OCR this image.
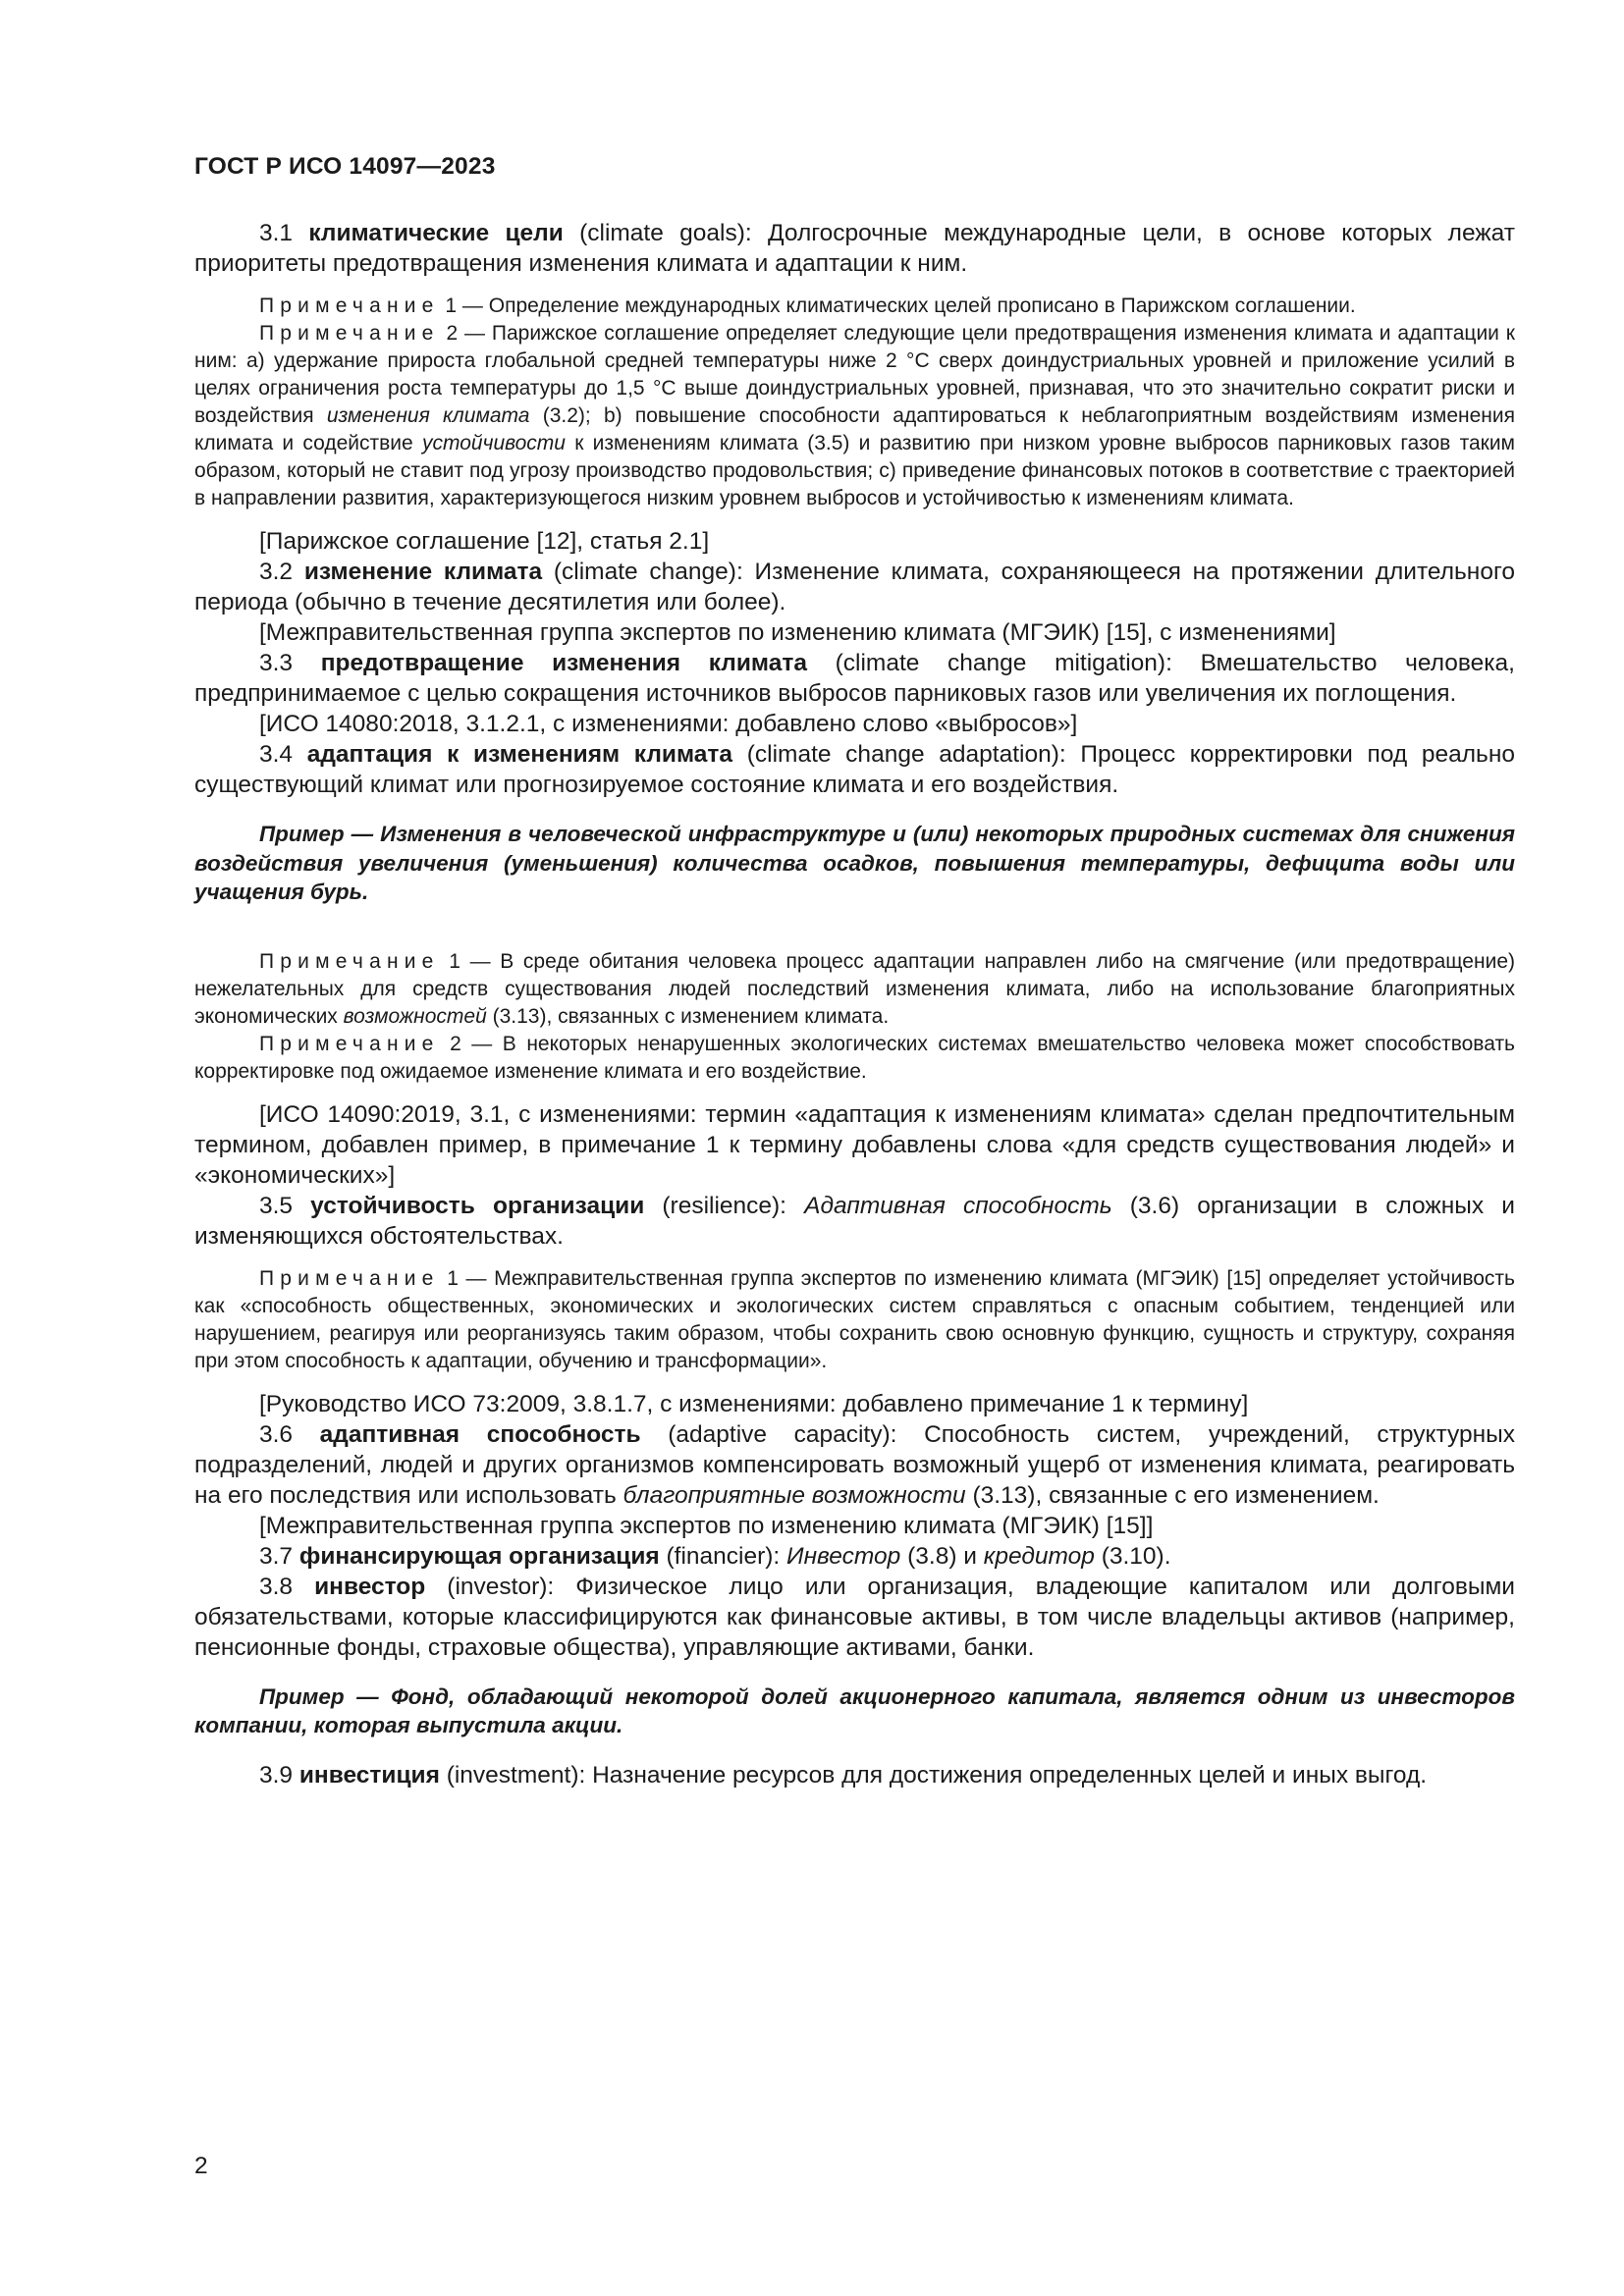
ГОСТ Р ИСО 14097—2023

3.1 климатические цели (climate goals): Долгосрочные международные цели, в основе которых лежат приоритеты предотвращения изменения климата и адаптации к ним.

Примечание 1 — Определение международных климатических целей прописано в Парижском соглашении.

Примечание 2 — Парижское соглашение определяет следующие цели предотвращения изменения климата и адаптации к ним: a) удержание прироста глобальной средней температуры ниже 2 °С сверх доиндустриальных уровней и приложение усилий в целях ограничения роста температуры до 1,5 °С выше доиндустриальных уровней, признавая, что это значительно сократит риски и воздействия изменения климата (3.2); b) повышение способности адаптироваться к неблагоприятным воздействиям изменения климата и содействие устойчивости к изменениям климата (3.5) и развитию при низком уровне выбросов парниковых газов таким образом, который не ставит под угрозу производство продовольствия; c) приведение финансовых потоков в соответствие с траекторией в направлении развития, характеризующегося низким уровнем выбросов и устойчивостью к изменениям климата.

[Парижское соглашение [12], статья 2.1]

3.2 изменение климата (climate change): Изменение климата, сохраняющееся на протяжении длительного периода (обычно в течение десятилетия или более).

[Межправительственная группа экспертов по изменению климата (МГЭИК) [15], с изменениями]

3.3 предотвращение изменения климата (climate change mitigation): Вмешательство человека, предпринимаемое с целью сокращения источников выбросов парниковых газов или увеличения их поглощения.

[ИСО 14080:2018, 3.1.2.1, с изменениями: добавлено слово «выбросов»]

3.4 адаптация к изменениям климата (climate change adaptation): Процесс корректировки под реально существующий климат или прогнозируемое состояние климата и его воздействия.

Пример — Изменения в человеческой инфраструктуре и (или) некоторых природных системах для снижения воздействия увеличения (уменьшения) количества осадков, повышения температуры, дефицита воды или учащения бурь.

Примечание 1 — В среде обитания человека процесс адаптации направлен либо на смягчение (или предотвращение) нежелательных для средств существования людей последствий изменения климата, либо на использование благоприятных экономических возможностей (3.13), связанных с изменением климата.

Примечание 2 — В некоторых ненарушенных экологических системах вмешательство человека может способствовать корректировке под ожидаемое изменение климата и его воздействие.

[ИСО 14090:2019, 3.1, с изменениями: термин «адаптация к изменениям климата» сделан предпочтительным термином, добавлен пример, в примечание 1 к термину добавлены слова «для средств существования людей» и «экономических»]

3.5 устойчивость организации (resilience): Адаптивная способность (3.6) организации в сложных и изменяющихся обстоятельствах.

Примечание 1 — Межправительственная группа экспертов по изменению климата (МГЭИК) [15] определяет устойчивость как «способность общественных, экономических и экологических систем справляться с опасным событием, тенденцией или нарушением, реагируя или реорганизуясь таким образом, чтобы сохранить свою основную функцию, сущность и структуру, сохраняя при этом способность к адаптации, обучению и трансформации».

[Руководство ИСО 73:2009, 3.8.1.7, с изменениями: добавлено примечание 1 к термину]

3.6 адаптивная способность (adaptive capacity): Способность систем, учреждений, структурных подразделений, людей и других организмов компенсировать возможный ущерб от изменения климата, реагировать на его последствия или использовать благоприятные возможности (3.13), связанные с его изменением.

[Межправительственная группа экспертов по изменению климата (МГЭИК) [15]]

3.7 финансирующая организация (financier): Инвестор (3.8) и кредитор (3.10).

3.8 инвестор (investor): Физическое лицо или организация, владеющие капиталом или долговыми обязательствами, которые классифицируются как финансовые активы, в том числе владельцы активов (например, пенсионные фонды, страховые общества), управляющие активами, банки.

Пример — Фонд, обладающий некоторой долей акционерного капитала, является одним из инвесторов компании, которая выпустила акции.

3.9 инвестиция (investment): Назначение ресурсов для достижения определенных целей и иных выгод.

2
